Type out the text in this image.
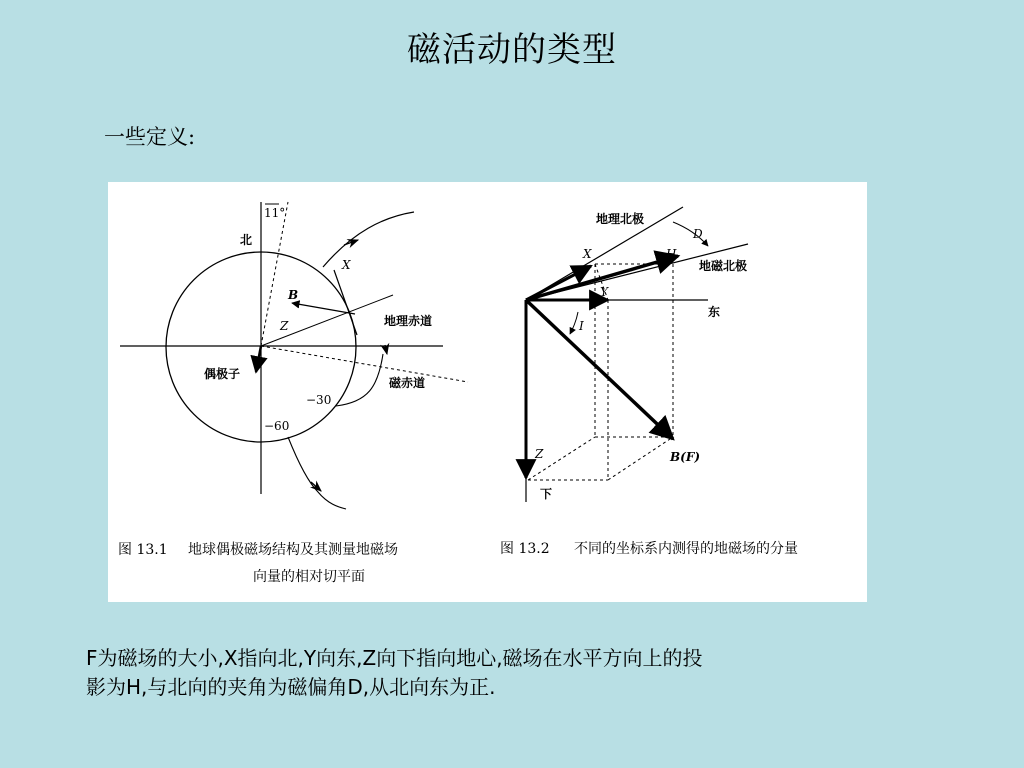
磁活动的类型
一些定义:
11°
北
X
B
Z	地理赤道
偶极子
磁赤道
−30
−60
地理北极
地磁北极
D
X	H
Y
东
I
B(F)
Z
下
图 13.1 地球偶极磁场结构及其测量地磁场
向量的相对切平面
图 13.2 不同的坐标系内测得的地磁场的分量
F为磁场的大小,X指向北,Y向东,Z向下指向地心,磁场在水平方向上的投
影为H,与北向的夹角为磁偏角D,从北向东为正.
